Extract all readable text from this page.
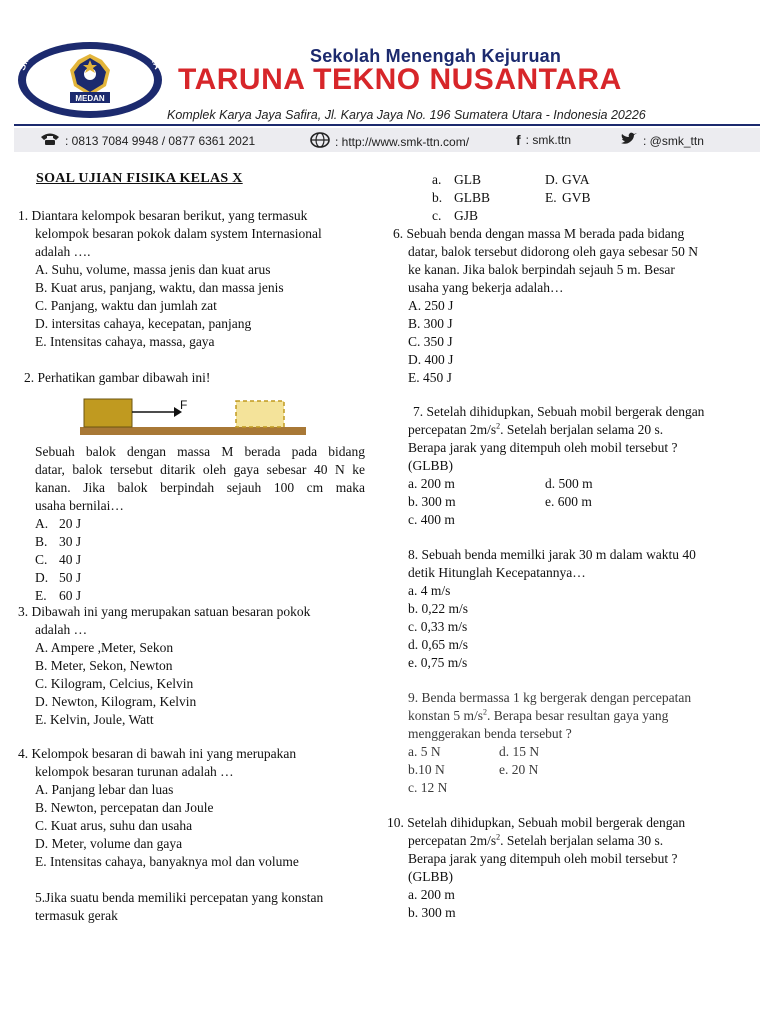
SMK TARUNA TEKNO NUSANTARA
MEDAN
Sekolah Menengah Kejuruan
TARUNA TEKNO NUSANTARA
Komplek Karya Jaya Safira, Jl. Karya Jaya No. 196 Sumatera Utara - Indonesia 20226
: 0813 7084 9948 / 0877 6361 2021	: http://www.smk-ttn.com/	f : smk.ttn	: @smk_ttn
SOAL UJIAN FISIKA KELAS X
1. Diantara kelompok besaran berikut, yang termasuk
kelompok besaran pokok dalam system Internasional
adalah ….
A. Suhu, volume, massa jenis dan kuat arus
B. Kuat arus, panjang, waktu, dan massa jenis
C. Panjang, waktu dan jumlah zat
D. intersitas cahaya, kecepatan, panjang
E. Intensitas cahaya, massa, gaya
2. Perhatikan gambar dibawah ini!
F
Sebuah balok dengan massa M berada pada bidang
datar, balok tersebut ditarik oleh gaya sebesar 40 N ke
kanan. Jika balok berpindah sejauh 100 cm maka
usaha bernilai…
A. 20 J
B. 30 J
C. 40 J
D. 50 J
E. 60 J
3. Dibawah ini yang merupakan satuan besaran pokok
adalah …
A. Ampere ,Meter, Sekon
B. Meter, Sekon, Newton
C. Kilogram, Celcius, Kelvin
D. Newton, Kilogram, Kelvin
E. Kelvin, Joule, Watt
4. Kelompok besaran di bawah ini yang merupakan
kelompok besaran turunan adalah …
A. Panjang lebar dan luas
B. Newton, percepatan dan Joule
C. Kuat arus, suhu dan usaha
D. Meter, volume dan gaya
E. Intensitas cahaya, banyaknya mol dan volume
5.Jika suatu benda memiliki percepatan yang konstan
termasuk gerak
a. GLB	D. GVA
b. GLBB	E. GVB
c. GJB
6. Sebuah benda dengan massa M berada pada bidang
datar, balok tersebut didorong oleh gaya sebesar 50 N
ke kanan. Jika balok berpindah sejauh 5 m. Besar
usaha yang bekerja adalah…
A. 250 J
B. 300 J
C. 350 J
D. 400 J
E. 450 J
7. Setelah dihidupkan, Sebuah mobil bergerak dengan
percepatan $2m/s^2$. Setelah berjalan selama 20 s.
Berapa jarak yang ditempuh oleh mobil tersebut ?
(GLBB)
a. 200 m	d. 500 m
b. 300 m	e. 600 m
c. 400 m
8. Sebuah benda memilki jarak 30 m dalam waktu 40
detik Hitunglah Kecepatannya…
a. 4 m/s
b. 0,22 m/s
c. 0,33 m/s
d. 0,65 m/s
e. 0,75 m/s
9. Benda bermassa 1 kg bergerak dengan percepatan
konstan 5 $m/s^2$. Berapa besar resultan gaya yang
menggerakan benda tersebut ?
a. 5 N	d. 15 N
b.10 N	e. 20 N
c. 12 N
10. Setelah dihidupkan, Sebuah mobil bergerak dengan
percepatan $2m/s^2$. Setelah berjalan selama 30 s.
Berapa jarak yang ditempuh oleh mobil tersebut ?
(GLBB)
a. 200 m
b. 300 m
